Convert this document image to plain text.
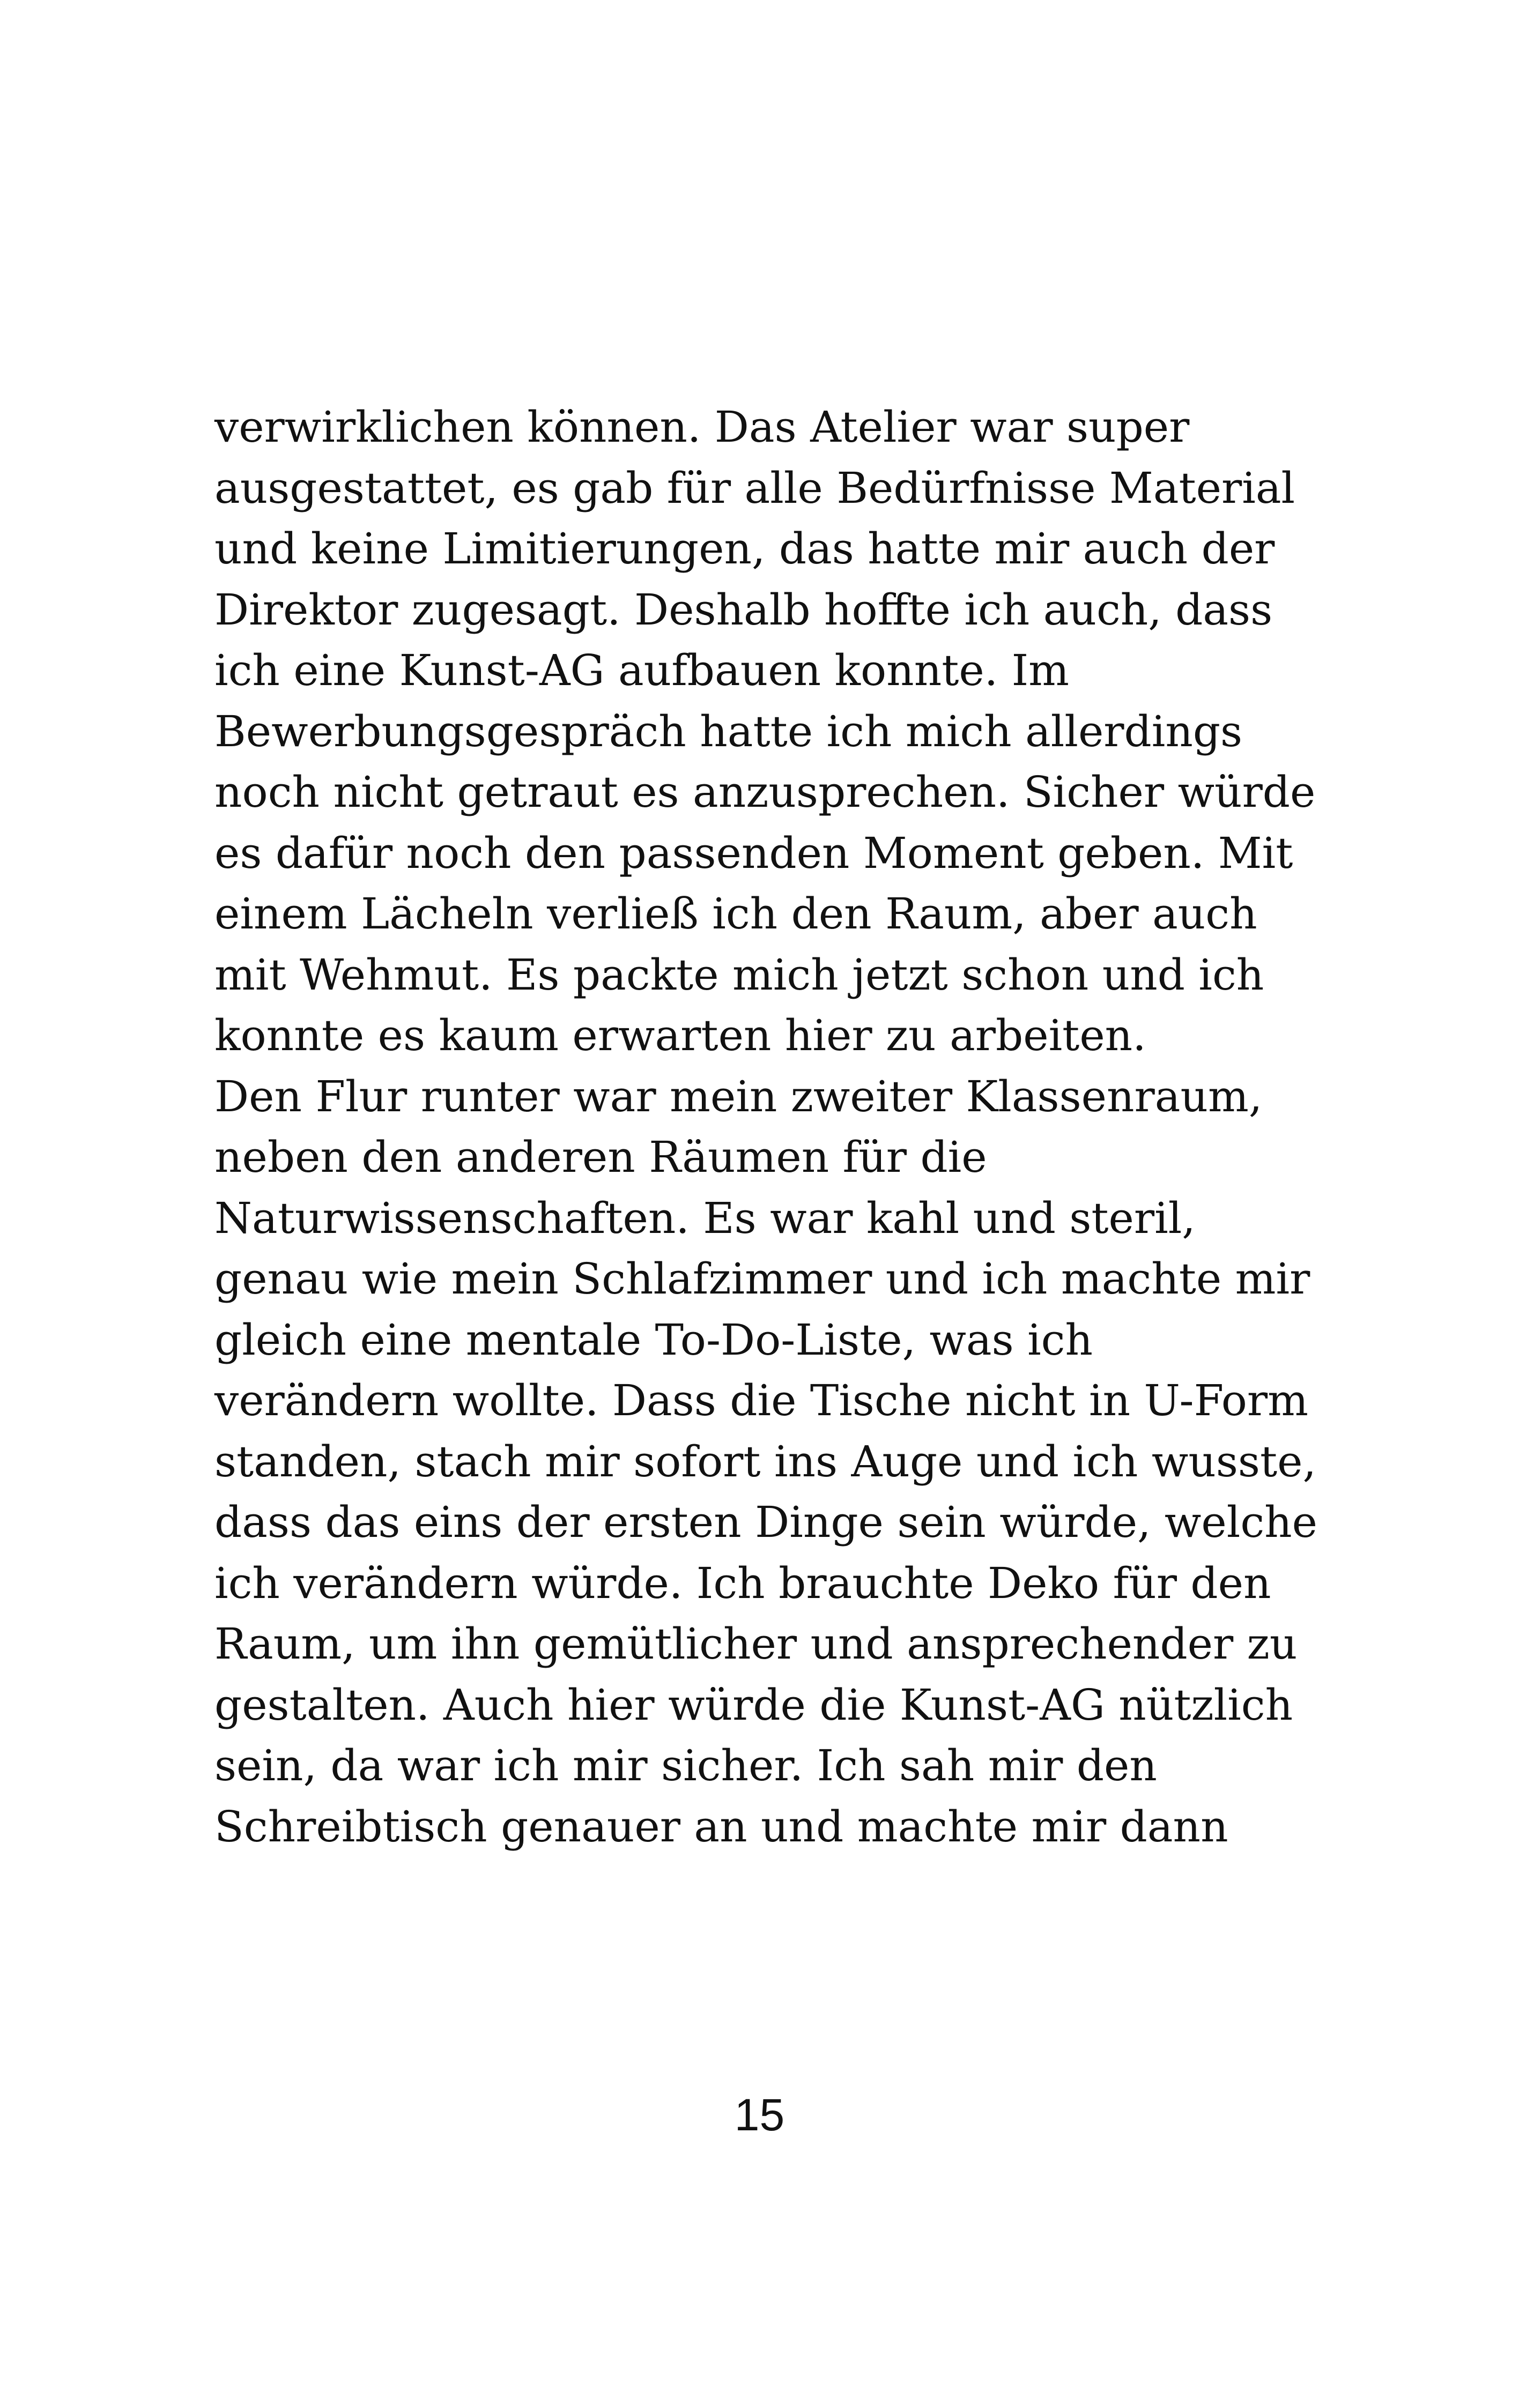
verwirklichen können. Das Atelier war super
ausgestattet, es gab für alle Bedürfnisse Material
und keine Limitierungen, das hatte mir auch der
Direktor zugesagt. Deshalb hoffte ich auch, dass
ich eine Kunst-AG aufbauen konnte. Im
Bewerbungsgespräch hatte ich mich allerdings
noch nicht getraut es anzusprechen. Sicher würde
es dafür noch den passenden Moment geben. Mit
einem Lächeln verließ ich den Raum, aber auch
mit Wehmut. Es packte mich jetzt schon und ich
konnte es kaum erwarten hier zu arbeiten.
Den Flur runter war mein zweiter Klassenraum,
neben den anderen Räumen für die
Naturwissenschaften. Es war kahl und steril,
genau wie mein Schlafzimmer und ich machte mir
gleich eine mentale To-Do-Liste, was ich
verändern wollte. Dass die Tische nicht in U-Form
standen, stach mir sofort ins Auge und ich wusste,
dass das eins der ersten Dinge sein würde, welche
ich verändern würde. Ich brauchte Deko für den
Raum, um ihn gemütlicher und ansprechender zu
gestalten. Auch hier würde die Kunst-AG nützlich
sein, da war ich mir sicher. Ich sah mir den
Schreibtisch genauer an und machte mir dann
15
